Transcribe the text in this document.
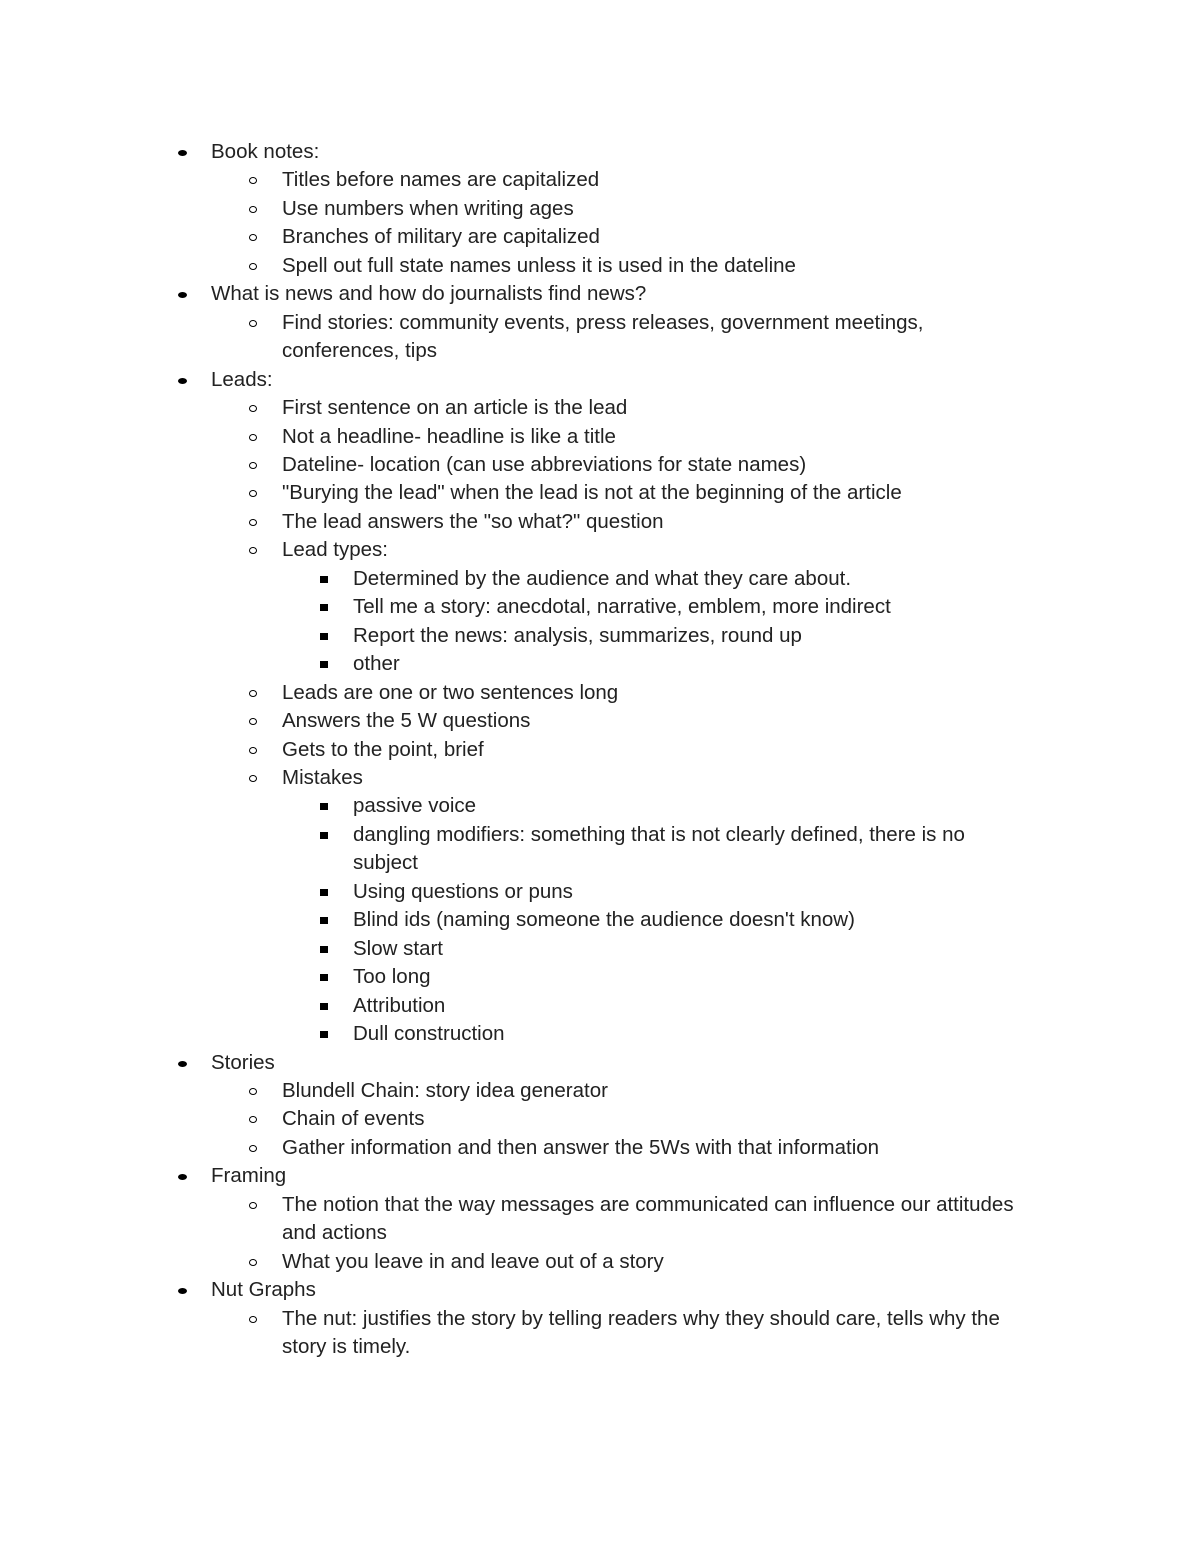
Book notes:
Titles before names are capitalized
Use numbers when writing ages
Branches of military are capitalized
Spell out full state names unless it is used in the dateline
What is news and how do journalists find news?
Find stories: community events, press releases, government meetings,
conferences, tips
Leads:
First sentence on an article is the lead
Not a headline- headline is like a title
Dateline- location (can use abbreviations for state names)
"Burying the lead" when the lead is not at the beginning of the article
The lead answers the "so what?" question
Lead types:
Determined by the audience and what they care about.
Tell me a story: anecdotal, narrative, emblem, more indirect
Report the news: analysis, summarizes, round up
other
Leads are one or two sentences long
Answers the 5 W questions
Gets to the point, brief
Mistakes
passive voice
dangling modifiers: something that is not clearly defined, there is no
subject
Using questions or puns
Blind ids (naming someone the audience doesn't know)
Slow start
Too long
Attribution
Dull construction
Stories
Blundell Chain: story idea generator
Chain of events
Gather information and then answer the 5Ws with that information
Framing
The notion that the way messages are communicated can influence our attitudes
and actions
What you leave in and leave out of a story
Nut Graphs
The nut: justifies the story by telling readers why they should care, tells why the
story is timely.
